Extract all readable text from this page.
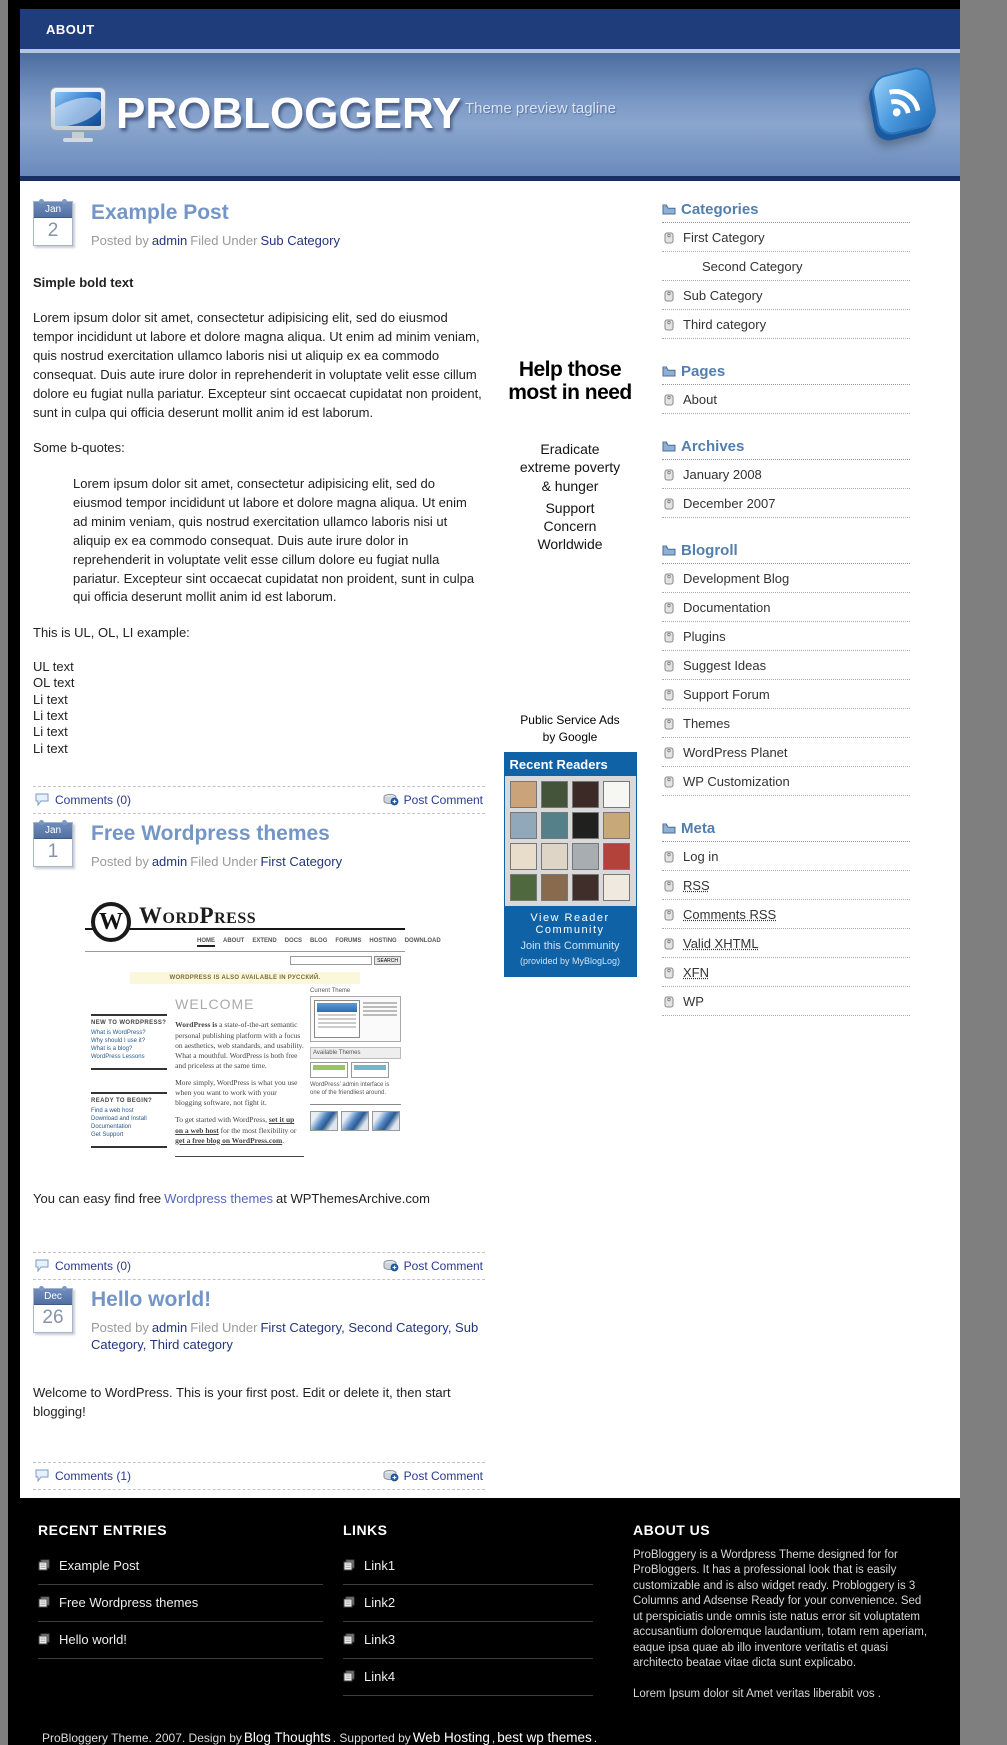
ABOUT
PROBLOGGERY Theme preview tagline
Jan
2
Example Post
Posted by admin Filed Under Sub Category
Simple bold text

Lorem ipsum dolor sit amet, consectetur adipisicing elit, sed do eiusmod tempor incididunt ut labore et dolore magna aliqua. Ut enim ad minim veniam, quis nostrud exercitation ullamco laboris nisi ut aliquip ex ea commodo consequat. Duis aute irure dolor in reprehenderit in voluptate velit esse cillum dolore eu fugiat nulla pariatur. Excepteur sint occaecat cupidatat non proident, sunt in culpa qui officia deserunt mollit anim id est laborum.

Some b-quotes:

Lorem ipsum dolor sit amet, consectetur adipisicing elit, sed do eiusmod tempor incididunt ut labore et dolore magna aliqua. Ut enim ad minim veniam, quis nostrud exercitation ullamco laboris nisi ut aliquip ex ea commodo consequat. Duis aute irure dolor in reprehenderit in voluptate velit esse cillum dolore eu fugiat nulla pariatur. Excepteur sint occaecat cupidatat non proident, sunt in culpa qui officia deserunt mollit anim id est laborum.

This is UL, OL, LI example:

UL text
OL text
Li text
Li text
Li text
Li text
Comments (0)	Post Comment
Jan
1
Free Wordpress themes
Posted by admin Filed Under First Category
W WordPress
HOME ABOUT EXTEND DOCS BLOG FORUMS HOSTING DOWNLOAD
SEARCH
WORDPRESS IS ALSO AVAILABLE IN РУССКИЙ.
NEW TO WORDPRESS?
What is WordPress?
Why should I use it?
What is a blog?
WordPress Lessons
READY TO BEGIN?
Find a web host
Download and Install
Documentation
Get Support
WELCOME

WordPress is a state-of-the-art semantic personal publishing platform with a focus on aesthetics, web standards, and usability. What a mouthful. WordPress is both free and priceless at the same time.

More simply, WordPress is what you use when you want to work with your blogging software, not fight it.

To get started with WordPress, set it up on a web host for the most flexibility or get a free blog on WordPress.com.

Current Theme
Available Themes
WordPress' admin interface is one of the friendliest around.
You can easy find free Wordpress themes at WPThemesArchive.com
Comments (0)	Post Comment
Dec
26
Hello world!
Posted by admin Filed Under First Category, Second Category, Sub Category, Third category

Welcome to WordPress. This is your first post. Edit or delete it, then start blogging!

Comments (1)	Post Comment
Help those
most in need
Eradicate extreme poverty & hunger
Support Concern Worldwide
Public Service Ads
by Google
Recent Readers
View Reader Community
Join this Community
(provided by MyBlogLog)
Categories
First Category
Second Category
Sub Category
Third category
Pages
About
Archives
January 2008
December 2007
Blogroll
Development Blog
Documentation
Plugins
Suggest Ideas
Support Forum
Themes
WordPress Planet
WP Customization
Meta
Log in
RSS
Comments RSS
Valid XHTML
XFN
WP
RECENT ENTRIES
Example Post
Free Wordpress themes
Hello world!
LINKS
Link1
Link2
Link3
Link4
ABOUT US
ProBloggery is a Wordpress Theme designed for for ProBloggers. It has a professional look that is easily customizable and is also widget ready. Probloggery is 3 Columns and Adsense Ready for your convenience. Sed ut perspiciatis unde omnis iste natus error sit voluptatem accusantium doloremque laudantium, totam rem aperiam, eaque ipsa quae ab illo inventore veritatis et quasi architecto beatae vitae dicta sunt explicabo.
Lorem Ipsum dolor sit Amet veritas liberabit vos .
ProBloggery Theme. 2007. Design by Blog Thoughts . Supported by Web Hosting , best wp themes .
